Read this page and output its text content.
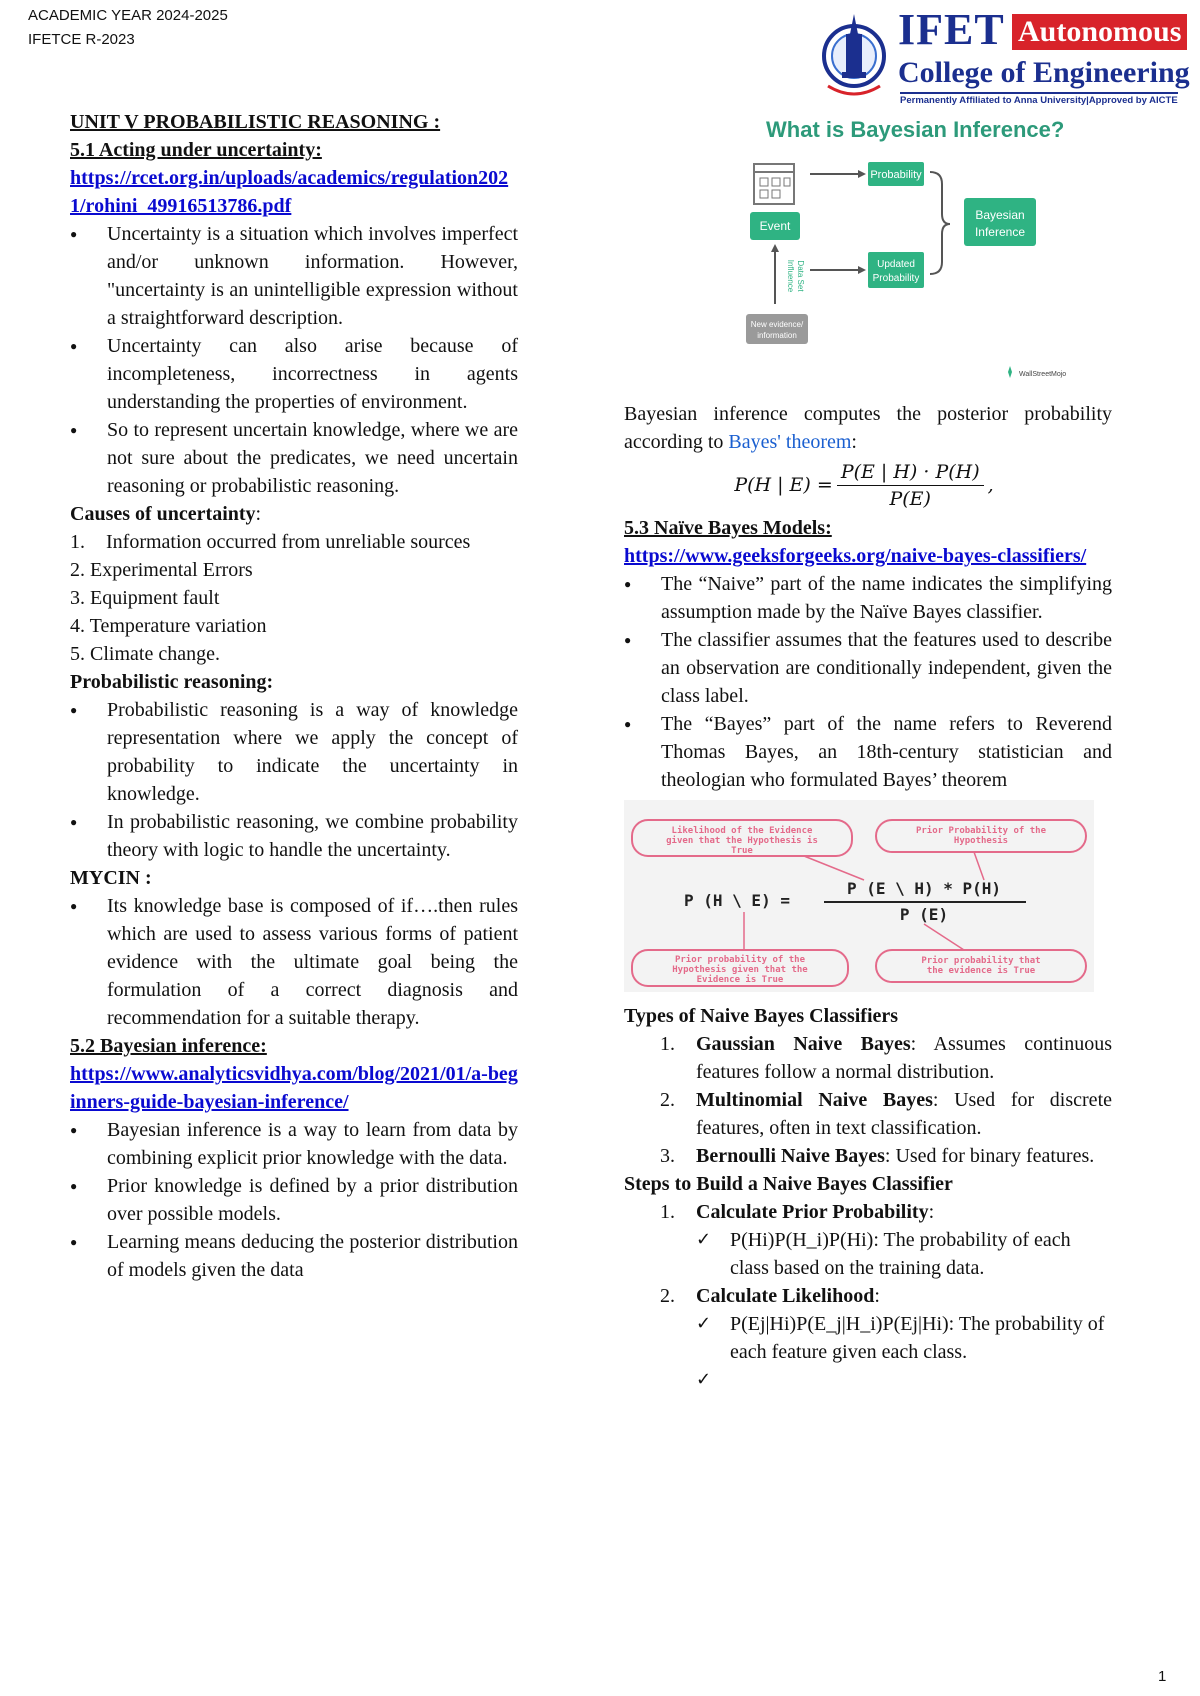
ACADEMIC YEAR 2024-2025
IFETCE R-2023	IFET Autonomous
College of Engineering
Permanently Affiliated to Anna University|Approved by AICTE
UNIT V PROBABILISTIC REASONING :
5.1 Acting under uncertainty:
https://rcet.org.in/uploads/academics/regulation2021/rohini_49916513786.pdf
● Uncertainty is a situation which involves imperfect and/or unknown information. However, "uncertainty is an unintelligible expression without a straightforward description.
● Uncertainty can also arise because of incompleteness, incorrectness in agents understanding the properties of environment.
● So to represent uncertain knowledge, where we are not sure about the predicates, we need uncertain reasoning or probabilistic reasoning.
Causes of uncertainty:
1. Information occurred from unreliable sources
2. Experimental Errors
3. Equipment fault
4. Temperature variation
5. Climate change.
Probabilistic reasoning:
● Probabilistic reasoning is a way of knowledge representation where we apply the concept of probability to indicate the uncertainty in knowledge.
● In probabilistic reasoning, we combine probability theory with logic to handle the uncertainty.
MYCIN :
● Its knowledge base is composed of if….then rules which are used to assess various forms of patient evidence with the ultimate goal being the formulation of a correct diagnosis and recommendation for a suitable therapy.
5.2 Bayesian inference:
https://www.analyticsvidhya.com/blog/2021/01/a-beginners-guide-bayesian-inference/
● Bayesian inference is a way to learn from data by combining explicit prior knowledge with the data.
● Prior knowledge is defined by a prior distribution over possible models.
● Learning means deducing the posterior distribution of models given the data
What is Bayesian Inference?
Event
Probability
Updated
Probability
Bayesian
Inference
Influence Data Set
New evidence/
information
WallStreetMojo

Bayesian inference computes the posterior probability according to Bayes' theorem:

P(H | $E) = \frac{P(E | H) \cdot P(H)}{P(E)}$ ,
5.3 Naïve Bayes Models:
https://www.geeksforgeeks.org/naive-bayes-classifiers/
● The “Naive” part of the name indicates the simplifying assumption made by the Naïve Bayes classifier.
● The classifier assumes that the features used to describe an observation are conditionally independent, given the class label.
● The “Bayes” part of the name refers to Reverend Thomas Bayes, an 18th-century statistician and theologian who formulated Bayes’ theorem
Likelihood of the Evidence
given that the Hypothesis is
True
Prior Probability of the
Hypothesis
P (H \ E) =
P (E \ H) * P(H)
P (E)
Prior probability of the
Hypothesis given that the
Evidence is True
Prior probability that
the evidence is True
Types of Naive Bayes Classifiers
1. Gaussian Naive Bayes: Assumes continuous features follow a normal distribution.
2. Multinomial Naive Bayes: Used for discrete features, often in text classification.
3. Bernoulli Naive Bayes: Used for binary features.
Steps to Build a Naive Bayes Classifier
1. Calculate Prior Probability:
✓ P(Hi)P(H_i)P(Hi): The probability of each class based on the training data.
2. Calculate Likelihood:
✓ P(Ej|Hi)P(E_j|H_i)P(Ej|Hi): The probability of each feature given each class.
✓

1
